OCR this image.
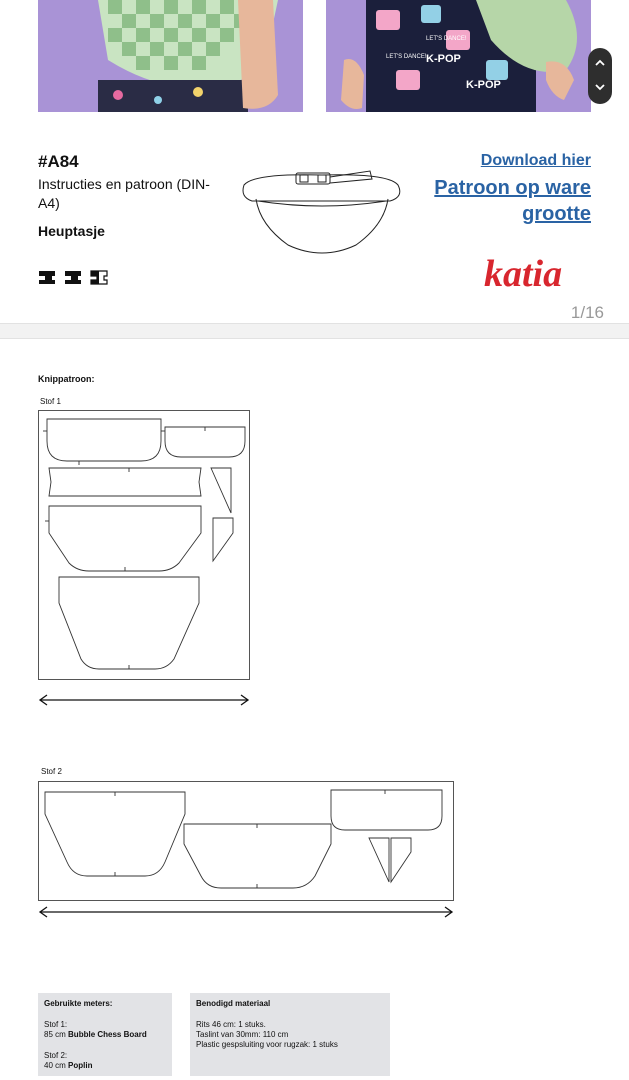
K-POP
LET'S DANCE!
K-POP
LET'S DANCE!
#A84
Instructies en patroon (DIN-A4)
Heuptasje
Download hier
Patroon op ware grootte
katia
1/16
Knippatroon:
Stof 1
Stof 2
Gebruikte meters:
Stof 1:
85 cm Bubble Chess Board
Stof 2:
40 cm Poplin
Benodigd materiaal
Rits 46 cm: 1 stuks.
Taslint van 30mm: 110 cm
Plastic gespsluiting voor rugzak: 1 stuks
